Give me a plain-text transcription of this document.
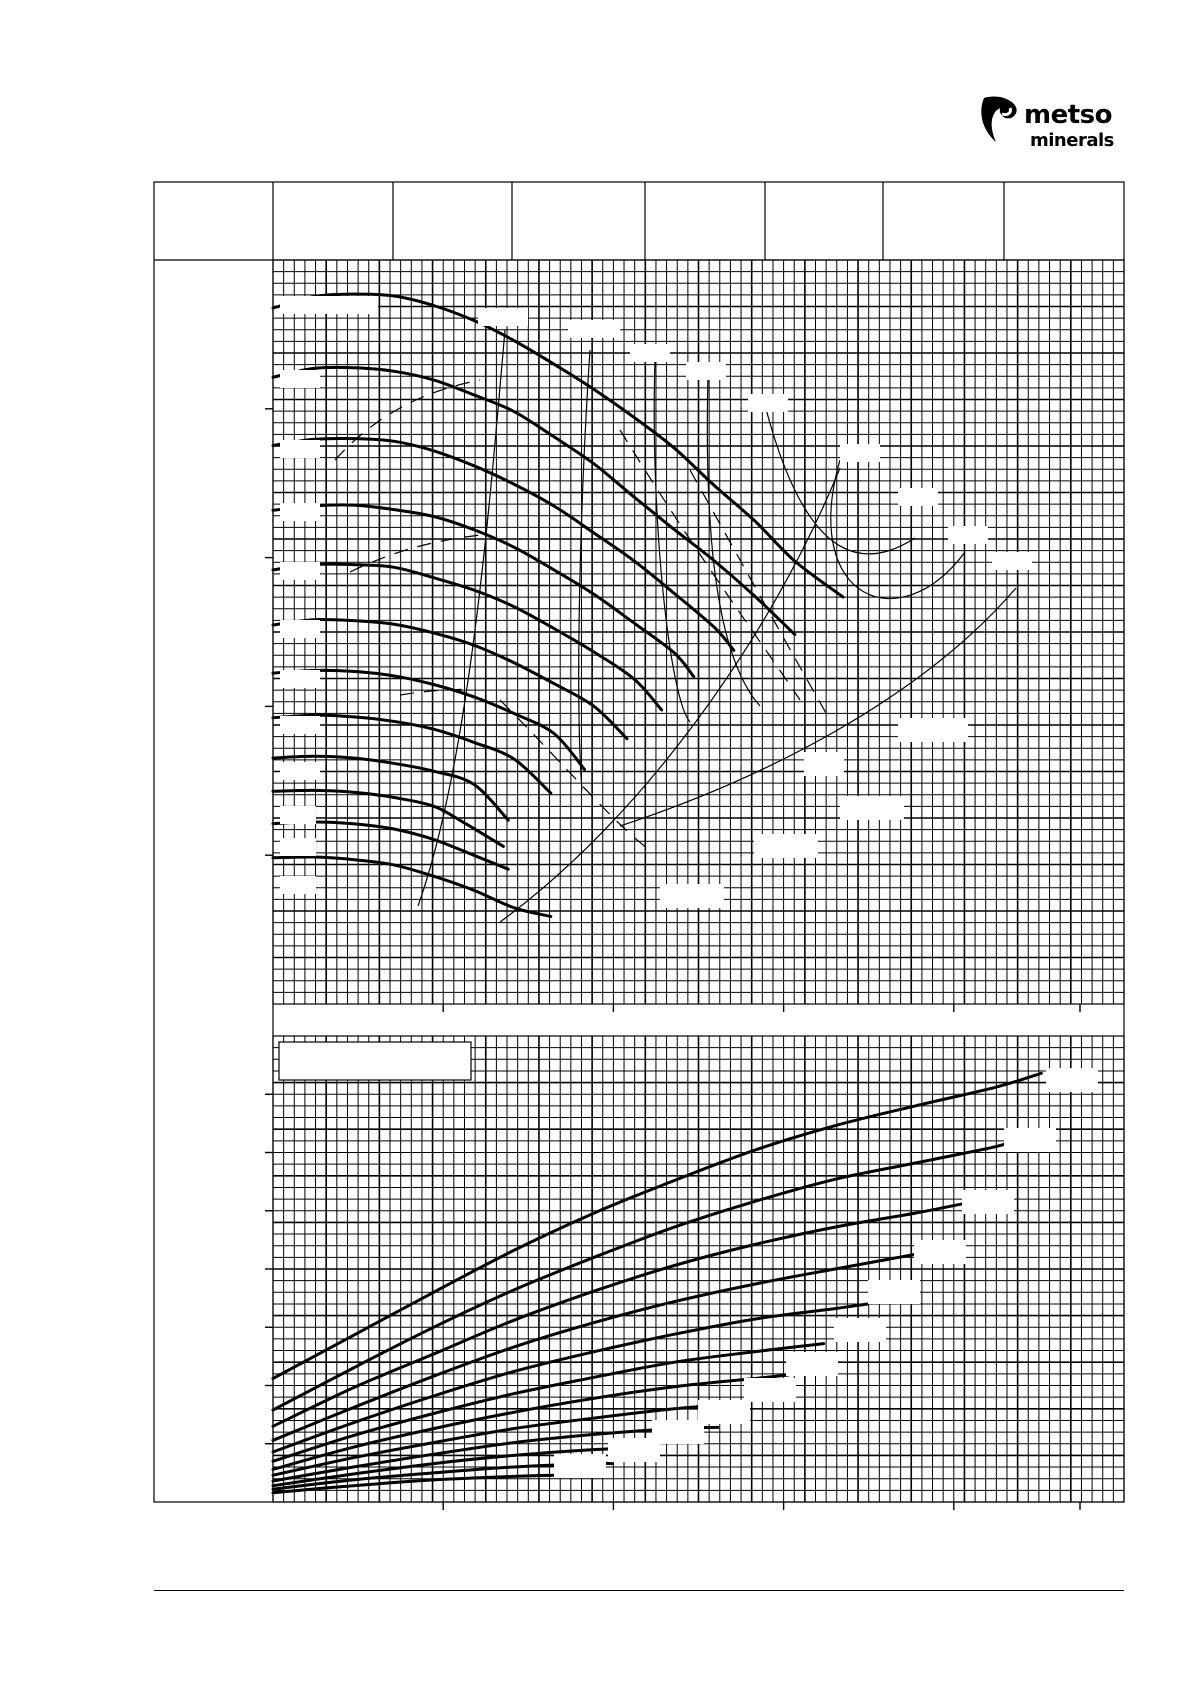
metso
minerals
